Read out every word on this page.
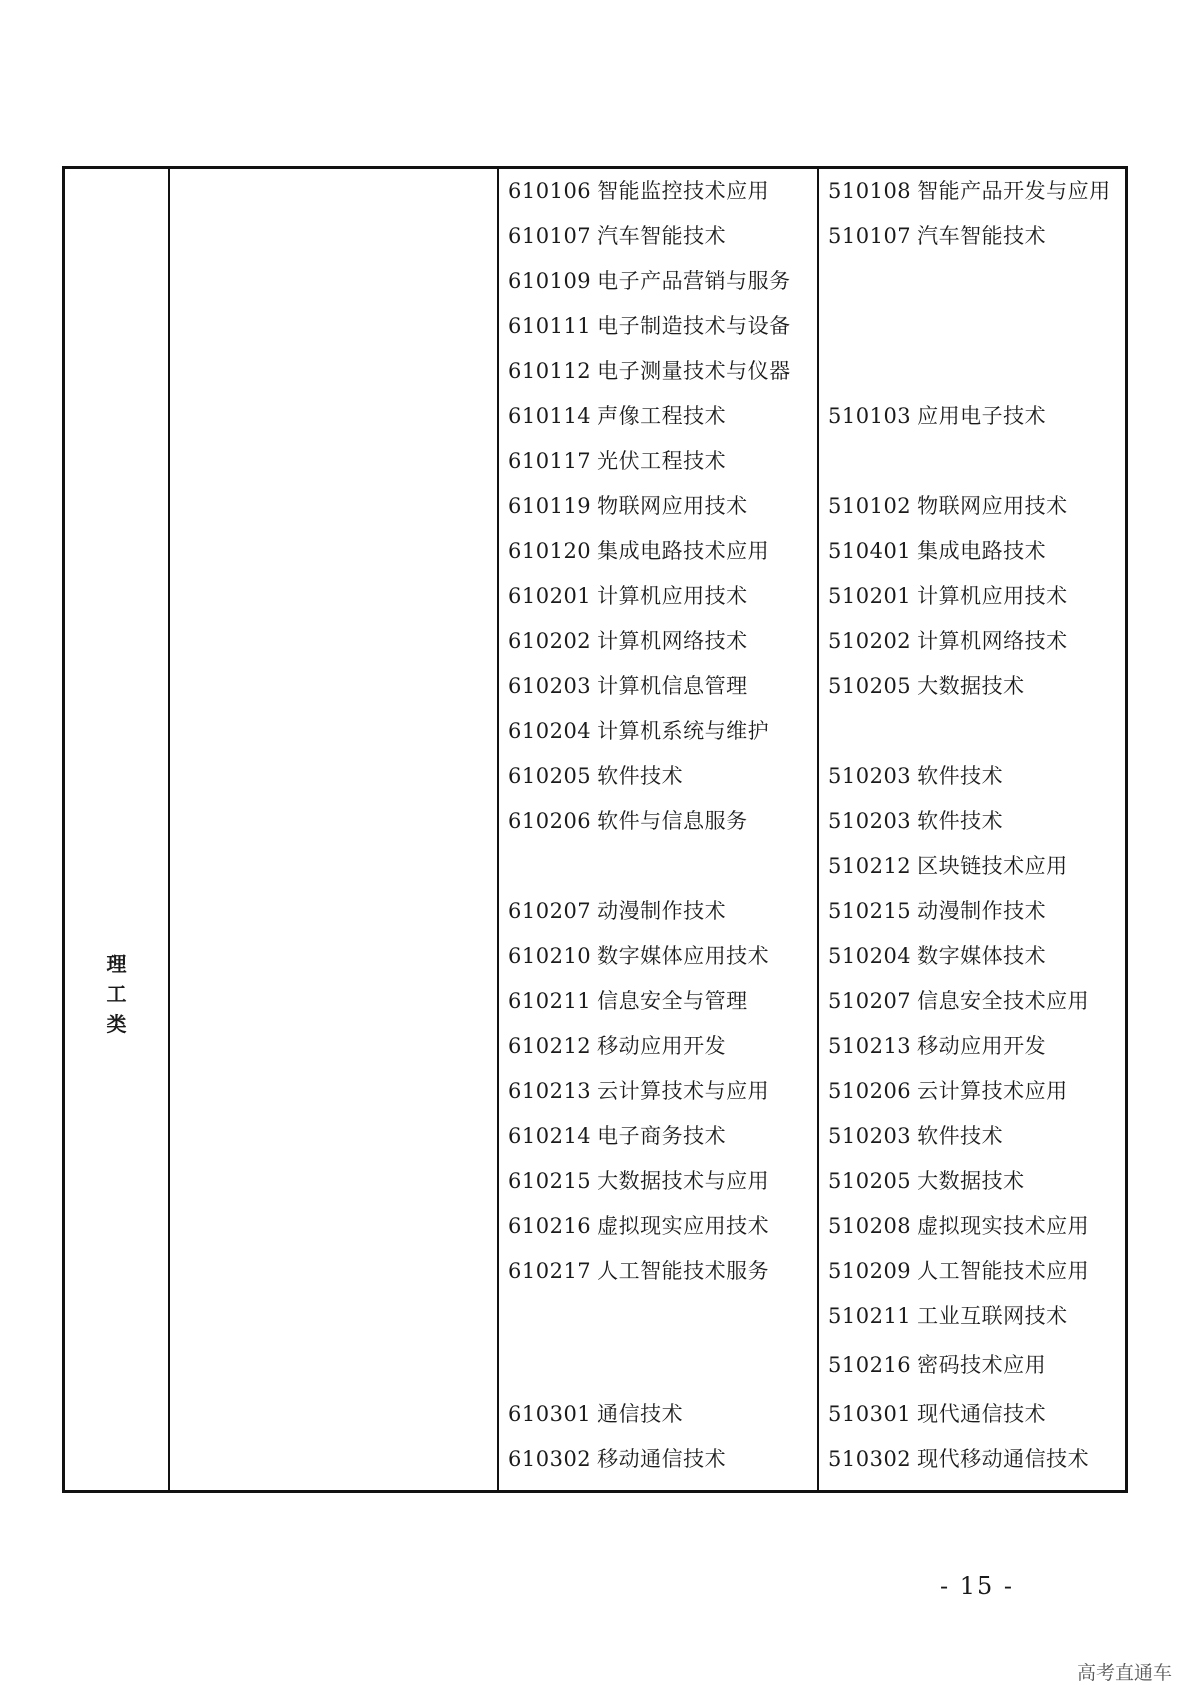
理
工
类
610106 智能监控技术应用
610107 汽车智能技术
610109 电子产品营销与服务
610111 电子制造技术与设备
610112 电子测量技术与仪器
610114 声像工程技术
610117 光伏工程技术
610119 物联网应用技术
610120 集成电路技术应用
610201 计算机应用技术
610202 计算机网络技术
610203 计算机信息管理
610204 计算机系统与维护
610205 软件技术
610206 软件与信息服务
610207 动漫制作技术
610210 数字媒体应用技术
610211 信息安全与管理
610212 移动应用开发
610213 云计算技术与应用
610214 电子商务技术
610215 大数据技术与应用
610216 虚拟现实应用技术
610217 人工智能技术服务
610301 通信技术
610302 移动通信技术
510108 智能产品开发与应用
510107 汽车智能技术
510103 应用电子技术
510102 物联网应用技术
510401 集成电路技术
510201 计算机应用技术
510202 计算机网络技术
510205 大数据技术
510203 软件技术
510203 软件技术
510212 区块链技术应用
510215 动漫制作技术
510204 数字媒体技术
510207 信息安全技术应用
510213 移动应用开发
510206 云计算技术应用
510203 软件技术
510205 大数据技术
510208 虚拟现实技术应用
510209 人工智能技术应用
510211 工业互联网技术
510216 密码技术应用
510301 现代通信技术
510302 现代移动通信技术
- 15 -
高考直通车
